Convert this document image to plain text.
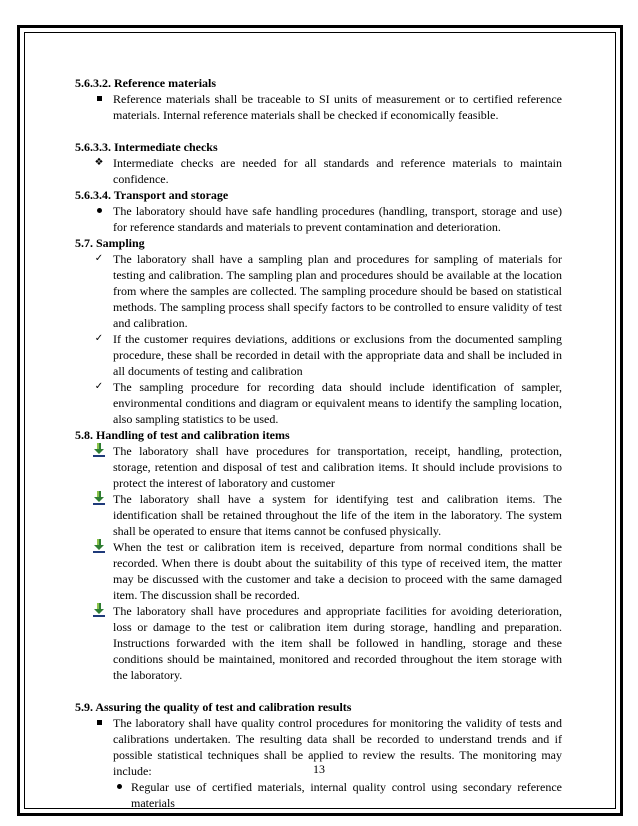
5.6.3.2. Reference materials

Reference materials shall be traceable to SI units of measurement or to certified reference materials. Internal reference materials shall be checked if economically feasible.

5.6.3.3. Intermediate checks

❖ Intermediate checks are needed for all standards and reference materials to maintain confidence.

5.6.3.4. Transport and storage

The laboratory should have safe handling procedures (handling, transport, storage and use) for reference standards and materials to prevent contamination and deterioration.

5.7. Sampling

✓ The laboratory shall have a sampling plan and procedures for sampling of materials for testing and calibration. The sampling plan and procedures should be available at the location from where the samples are collected. The sampling procedure should be based on statistical methods. The sampling process shall specify factors to be controlled to ensure validity of test and calibration.
✓ If the customer requires deviations, additions or exclusions from the documented sampling procedure, these shall be recorded in detail with the appropriate data and shall be included in all documents of testing and calibration
✓ The sampling procedure for recording data should include identification of sampler, environmental conditions and diagram or equivalent means to identify the sampling location, also sampling statistics to be used.

5.8. Handling of test and calibration items

The laboratory shall have procedures for transportation, receipt, handling, protection, storage, retention and disposal of test and calibration items. It should include provisions to protect the interest of laboratory and customer
The laboratory shall have a system for identifying test and calibration items. The identification shall be retained throughout the life of the item in the laboratory. The system shall be operated to ensure that items cannot be confused physically.
When the test or calibration item is received, departure from normal conditions shall be recorded. When there is doubt about the suitability of this type of received item, the matter may be discussed with the customer and take a decision to proceed with the same damaged item. The discussion shall be recorded.
The laboratory shall have procedures and appropriate facilities for avoiding deterioration, loss or damage to the test or calibration item during storage, handling and preparation. Instructions forwarded with the item shall be followed in handling, storage and these conditions should be maintained, monitored and recorded throughout the item storage with the laboratory.

5.9. Assuring the quality of test and calibration results

The laboratory shall have quality control procedures for monitoring the validity of tests and calibrations undertaken. The resulting data shall be recorded to understand trends and if possible statistical techniques shall be applied to review the results. The monitoring may include:
Regular use of certified materials, internal quality control using secondary reference materials
13
